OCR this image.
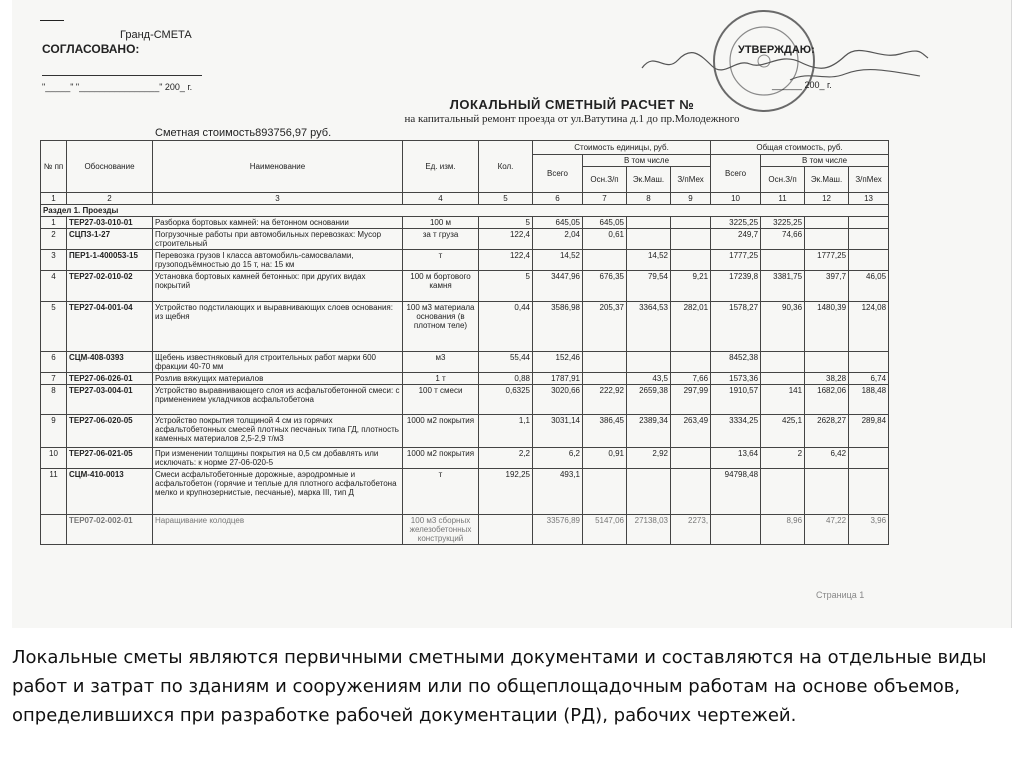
Гранд-СМЕТА
СОГЛАСОВАНО:
"_____" "________________" 200_ г.
УТВЕРЖДАЮ:
______ 200_ г.
ЛОКАЛЬНЫЙ СМЕТНЫЙ РАСЧЕТ №
на капитальный ремонт проезда от ул.Ватутина д.1 до пр.Молодежного
Сметная стоимость893756,97 руб.
№ пп	Обоснование	Наименование	Ед. изм.	Кол.	Стоимость единицы, руб.				Общая стоимость, руб.			
					Всего	В том числе			Всего	В том числе		
						Осн.З/п	Эк.Маш.	З/пМех		Осн.З/п	Эк.Маш.	З/пМех
1	2	3	4	5	6	7	8	9	10	11	12	13
Раздел 1. Проезды												
1	ТЕР27-03-010-01	Разборка бортовых камней: на бетонном основании	100 м	5	645,05	645,05			3225,25	3225,25		
2	СЦПЗ-1-27	Погрузочные работы при автомобильных перевозках: Мусор строительный	за т груза	122,4	2,04	0,61			249,7	74,66		
3	ПЕР1-1-400053-15	Перевозка грузов I класса автомобиль-самосвалами, грузоподъёмностью до 15 т, на: 15 км	т	122,4	14,52		14,52		1777,25		1777,25	
4	ТЕР27-02-010-02	Установка бортовых камней бетонных: при других видах покрытий	100 м бортового камня	5	3447,96	676,35	79,54	9,21	17239,8	3381,75	397,7	46,05
5	ТЕР27-04-001-04	Устройство подстилающих и выравнивающих слоев основания: из щебня	100 м3 материала основания (в плотном теле)	0,44	3586,98	205,37	3364,53	282,01	1578,27	90,36	1480,39	124,08
6	СЦМ-408-0393	Щебень известняковый для строительных работ марки 600 фракции 40-70 мм	м3	55,44	152,46				8452,38			
7	ТЕР27-06-026-01	Розлив вяжущих материалов	1 т	0,88	1787,91		43,5	7,66	1573,36		38,28	6,74
8	ТЕР27-03-004-01	Устройство выравнивающего слоя из асфальтобетонной смеси: с применением укладчиков асфальтобетона	100 т смеси	0,6325	3020,66	222,92	2659,38	297,99	1910,57	141	1682,06	188,48
9	ТЕР27-06-020-05	Устройство покрытия толщиной 4 см из горячих асфальтобетонных смесей плотных песчаных типа ГД, плотность каменных материалов 2,5-2,9 т/м3	1000 м2 покрытия	1,1	3031,14	386,45	2389,34	263,49	3334,25	425,1	2628,27	289,84
10	ТЕР27-06-021-05	При изменении толщины покрытия на 0,5 см добавлять или исключать: к норме 27-06-020-5	1000 м2 покрытия	2,2	6,2	0,91	2,92		13,64	2	6,42	
11	СЦМ-410-0013	Смеси асфальтобетонные дорожные, аэродромные и асфальтобетон (горячие и теплые для плотного асфальтобетона мелко и крупнозернистые, песчаные), марка III, тип Д	т	192,25	493,1				94798,48			
	ТЕР07-02-002-01	Наращивание колодцев	100 м3 сборных железобетонных конструкций		33576,89	5147,06	27138,03	2273,		8,96	47,22	3,96
Страница 1
Локальные сметы являются первичными сметными документами и составляются на отдельные виды работ и затрат по зданиям и сооружениям или по общеплощадочным работам на основе объемов, определившихся при разработке рабочей документации (РД), рабочих чертежей.
